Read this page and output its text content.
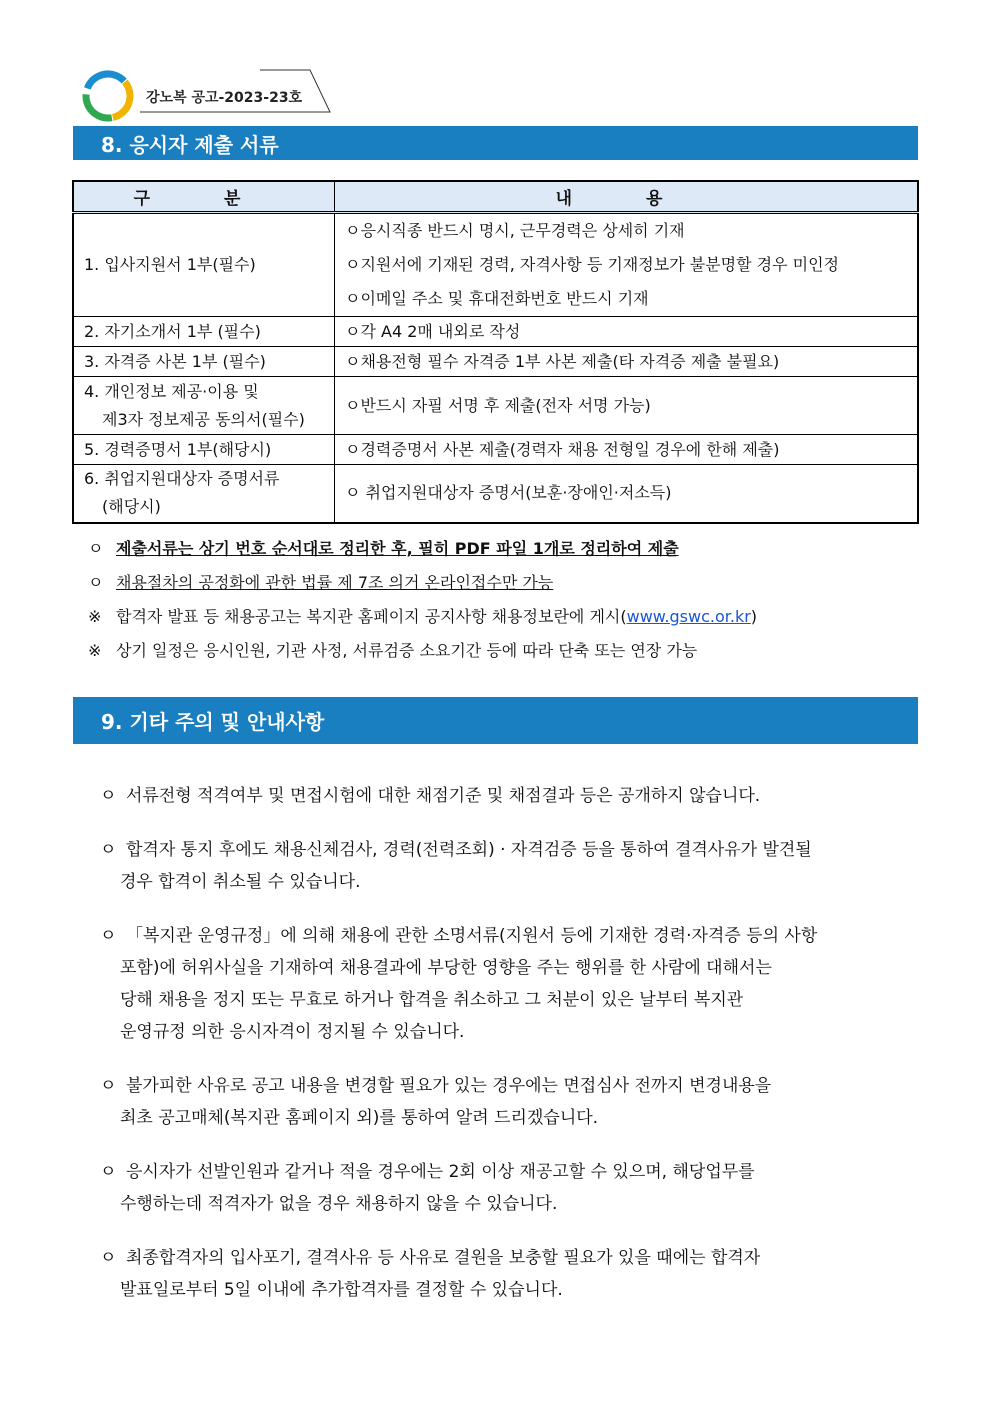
강노복 공고-2023-23호
8. 응시자 제출 서류
구 분	내 용

1. 입사지원서 1부(필수)	ㅇ응시직종 반드시 명시, 근무경력은 상세히 기재
ㅇ지원서에 기재된 경력, 자격사항 등 기재정보가 불분명할 경우 미인정
ㅇ이메일 주소 및 휴대전화번호 반드시 기재

2. 자기소개서 1부 (필수)	ㅇ각 A4 2매 내외로 작성

3. 자격증 사본 1부 (필수)	ㅇ채용전형 필수 자격증 1부 사본 제출(타 자격증 제출 불필요)

4. 개인정보 제공·이용 및
제3자 정보제공 동의서(필수)	ㅇ반드시 자필 서명 후 제출(전자 서명 가능)

5. 경력증명서 1부(해당시)	ㅇ경력증명서 사본 제출(경력자 채용 전형일 경우에 한해 제출)

6. 취업지원대상자 증명서류
(해당시)	ㅇ 취업지원대상자 증명서(보훈·장애인·저소득)
ㅇ 제출서류는 상기 번호 순서대로 정리한 후, 필히 PDF 파일 1개로 정리하여 제출
ㅇ 채용절차의 공정화에 관한 법률 제 7조 의거 온라인접수만 가능
※ 합격자 발표 등 채용공고는 복지관 홈페이지 공지사항 채용정보란에 게시(www.gswc.or.kr)
※ 상기 일정은 응시인원, 기관 사정, 서류검증 소요기간 등에 따라 단축 또는 연장 가능
9. 기타 주의 및 안내사항
ㅇ 서류전형 적격여부 및 면접시험에 대한 채점기준 및 채점결과 등은 공개하지 않습니다.
ㅇ 합격자 통지 후에도 채용신체검사, 경력(전력조회) · 자격검증 등을 통하여 결격사유가 발견될
경우 합격이 취소될 수 있습니다.
ㅇ 「복지관 운영규정」에 의해 채용에 관한 소명서류(지원서 등에 기재한 경력·자격증 등의 사항
포함)에 허위사실을 기재하여 채용결과에 부당한 영향을 주는 행위를 한 사람에 대해서는
당해 채용을 정지 또는 무효로 하거나 합격을 취소하고 그 처분이 있은 날부터 복지관
운영규정 의한 응시자격이 정지될 수 있습니다.
ㅇ 불가피한 사유로 공고 내용을 변경할 필요가 있는 경우에는 면접심사 전까지 변경내용을
최초 공고매체(복지관 홈페이지 외)를 통하여 알려 드리겠습니다.
ㅇ 응시자가 선발인원과 같거나 적을 경우에는 2회 이상 재공고할 수 있으며, 해당업무를
수행하는데 적격자가 없을 경우 채용하지 않을 수 있습니다.
ㅇ 최종합격자의 입사포기, 결격사유 등 사유로 결원을 보충할 필요가 있을 때에는 합격자
발표일로부터 5일 이내에 추가합격자를 결정할 수 있습니다.
